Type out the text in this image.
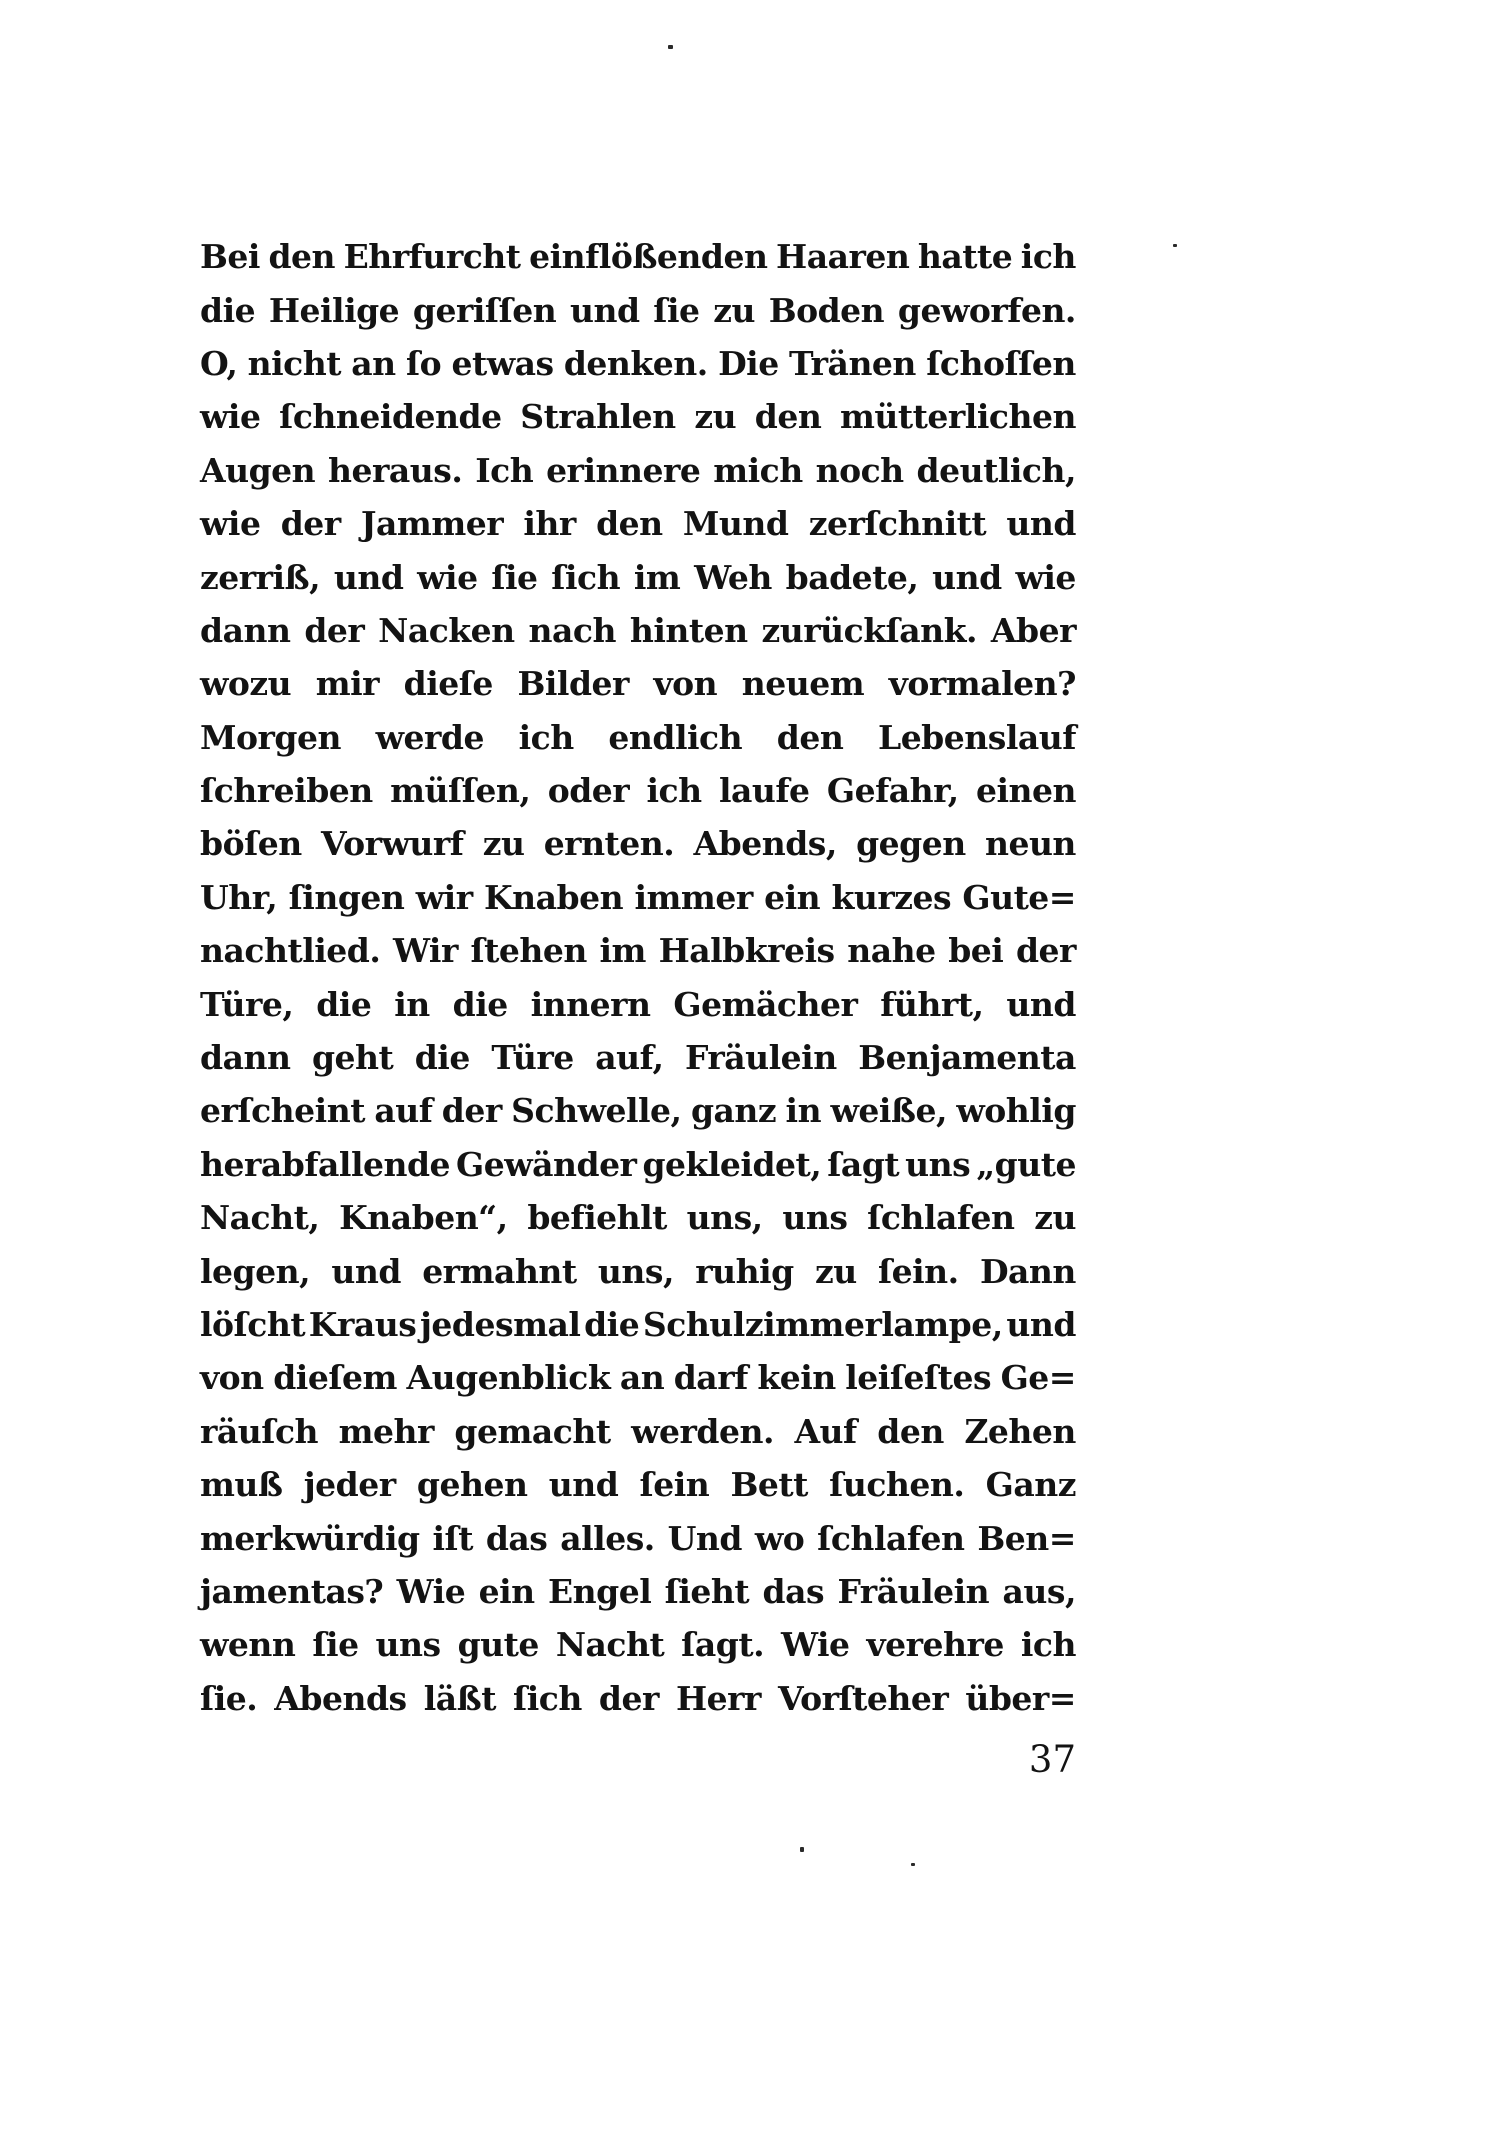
Bei den Ehrfurcht einflößenden Haaren hatte ich
die Heilige geriſſen und ſie zu Boden geworfen.
O, nicht an ſo etwas denken. Die Tränen ſchoſſen
wie ſchneidende Strahlen zu den mütterlichen
Augen heraus. Ich erinnere mich noch deutlich,
wie der Jammer ihr den Mund zerſchnitt und
zerriß, und wie ſie ſich im Weh badete, und wie
dann der Nacken nach hinten zurückſank. Aber
wozu mir dieſe Bilder von neuem vormalen?
Morgen werde ich endlich den Lebenslauf
ſchreiben müſſen, oder ich laufe Gefahr, einen
böſen Vorwurf zu ernten. Abends, gegen neun
Uhr, ſingen wir Knaben immer ein kurzes Gute=
nachtlied. Wir ſtehen im Halbkreis nahe bei der
Türe, die in die innern Gemächer führt, und
dann geht die Türe auf, Fräulein Benjamenta
erſcheint auf der Schwelle, ganz in weiße, wohlig
herabfallende Gewänder gekleidet, ſagt uns „gute
Nacht, Knaben“, befiehlt uns, uns ſchlafen zu
legen, und ermahnt uns, ruhig zu ſein. Dann
löſcht Kraus jedesmal die Schulzimmerlampe, und
von dieſem Augenblick an darf kein leiſeſtes Ge=
räuſch mehr gemacht werden. Auf den Zehen
muß jeder gehen und ſein Bett ſuchen. Ganz
merkwürdig iſt das alles. Und wo ſchlafen Ben=
jamentas? Wie ein Engel ſieht das Fräulein aus,
wenn ſie uns gute Nacht ſagt. Wie verehre ich
ſie. Abends läßt ſich der Herr Vorſteher über=
37
